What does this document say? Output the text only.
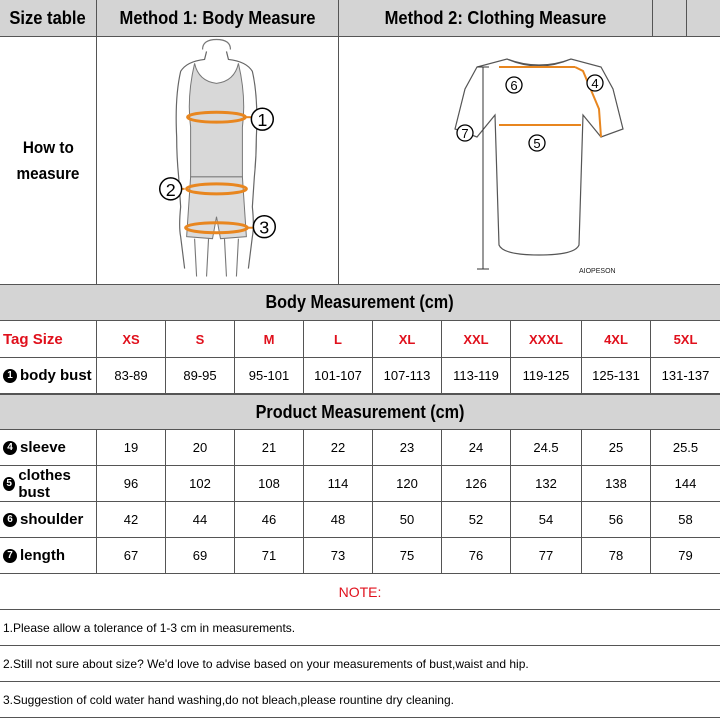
Size table Method 1: Body Measure	Method 2: Clothing Measure
How to
measure
1
2
3
6	4
5
7
AIOPESON
Body Measurement (cm)
Tag Size	XS	S	M	L	XL	XXL	XXXL	4XL	5XL
1 body bust	83-89	89-95	95-101	101-107	107-113	113-119	119-125	125-131	131-137
Product Measurement (cm)
4 sleeve	19	20	21	22	23	24	24.5	25	25.5
5 clothes bust	96	102	108	114	120	126	132	138	144
6 shoulder	42	44	46	48	50	52	54	56	58
7 length	67	69	71	73	75	76	77	78	79
NOTE:
1.Please allow a tolerance of 1-3 cm in measurements.
2.Still not sure about size? We'd love to advise based on your measurements of bust,waist and hip.
3.Suggestion of cold water hand washing,do not bleach,please rountine dry cleaning.
